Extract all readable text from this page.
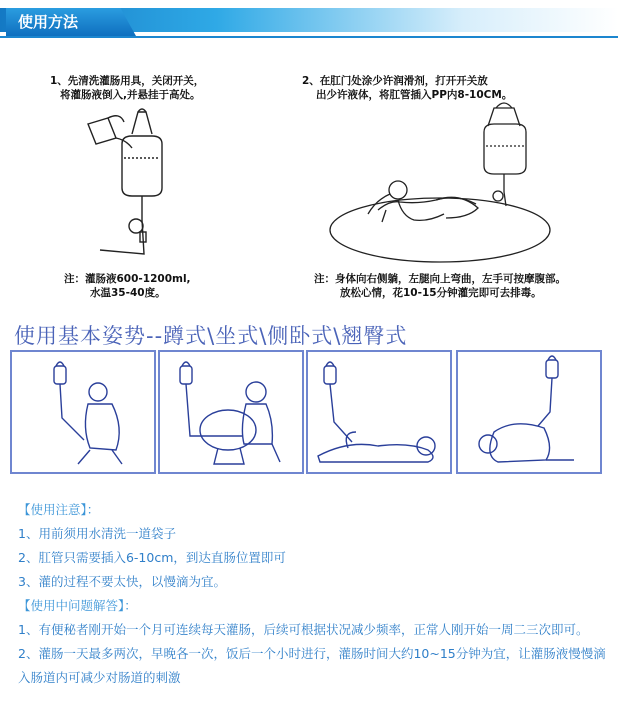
使用方法
1、先清洗灌肠用具，关闭开关，
将灌肠液倒入,并悬挂于高处。
2、在肛门处涂少许润滑剂，打开开关放
出少许液体，将肛管插入PP内8-10CM。
注：灌肠液600-1200ml,
水温35-40度。
注：身体向右侧躺，左腿向上弯曲，左手可按摩腹部。
放松心情，花10-15分钟灌完即可去排毒。
使用基本姿势--蹲式\坐式\侧卧式\翘臀式
【使用注意】：
1、用前须用水清洗一道袋子
2、肛管只需要插入6-10cm，到达直肠位置即可
3、灌的过程不要太快，以慢滴为宜。
【使用中问题解答】：
1、有便秘者刚开始一个月可连续每天灌肠，后续可根据状况减少频率，正常人刚开始一周二三次即可。
2、灌肠一天最多两次，早晚各一次，饭后一个小时进行，灌肠时间大约10~15分钟为宜，让灌肠液慢慢滴入肠道内可减少对肠道的刺激
